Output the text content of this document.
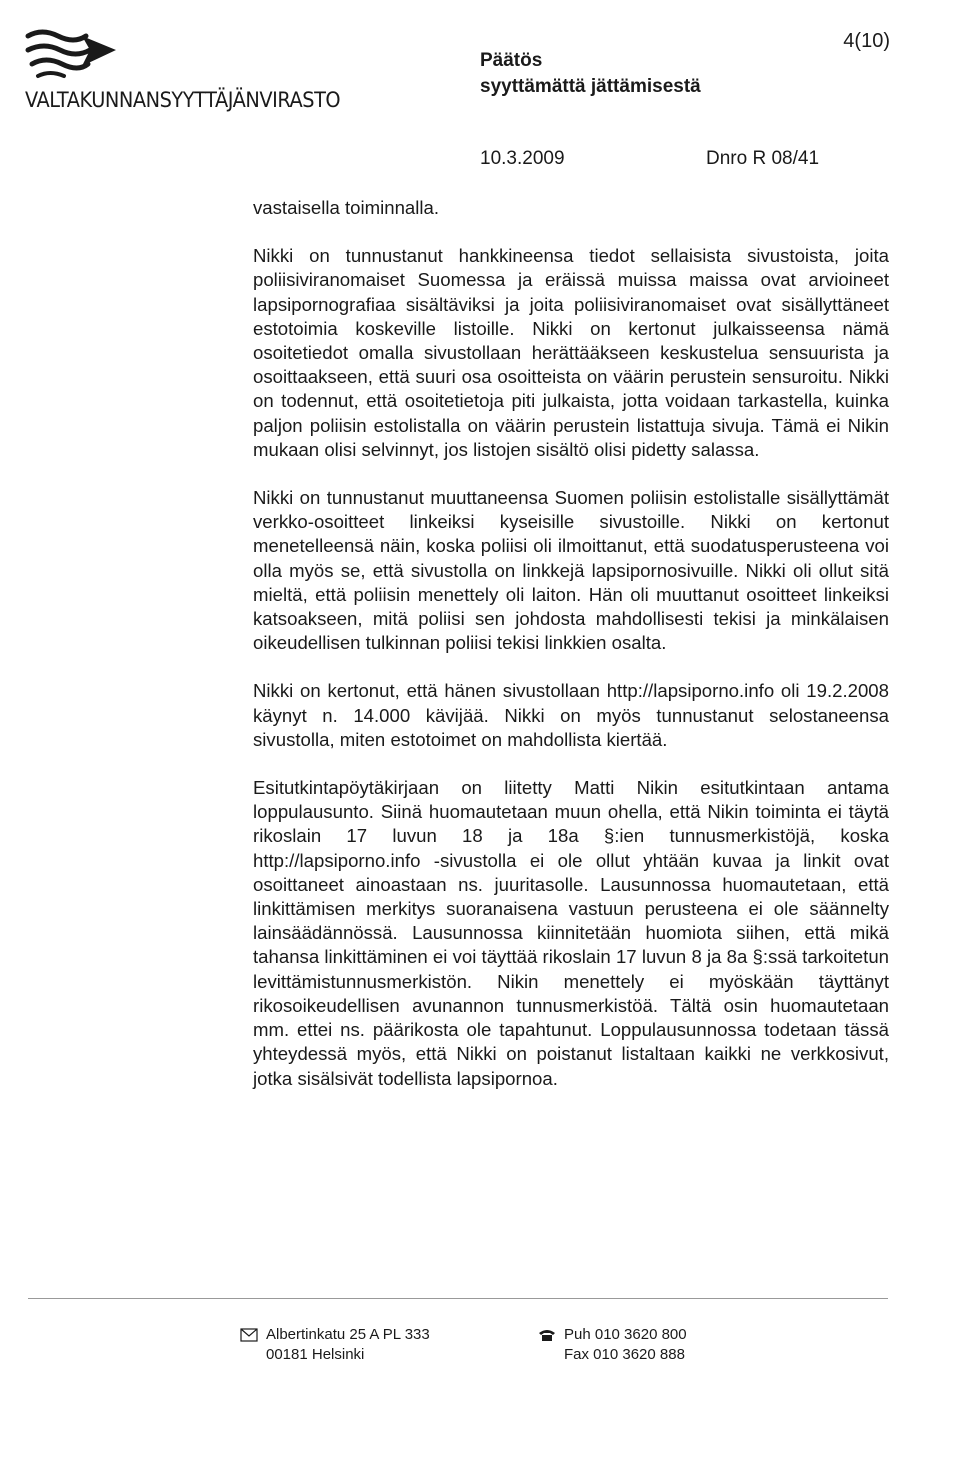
VALTAKUNNANSYYTTÄJÄNVIRASTO
Päätös
syyttämättä jättämisestä
4(10)
10.3.2009	Dnro R 08/41

vastaisella toiminnalla.

Nikki on tunnustanut hankkineensa tiedot sellaisista sivustoista, joita poliisiviranomaiset Suomessa ja eräissä muissa maissa ovat arvioineet lapsipornografiaa sisältäviksi ja joita poliisiviranomaiset ovat sisällyttäneet estotoimia koskeville listoille. Nikki on kertonut julkaisseensa nämä osoitetiedot omalla sivustollaan herättääkseen keskustelua sensuurista ja osoittaakseen, että suuri osa osoitteista on väärin perustein sensuroitu. Nikki on todennut, että osoitetietoja piti julkaista, jotta voidaan tarkastella, kuinka paljon poliisin estolistalla on väärin perustein listattuja sivuja. Tämä ei Nikin mukaan olisi selvinnyt, jos listojen sisältö olisi pidetty salassa.

Nikki on tunnustanut muuttaneensa Suomen poliisin estolistalle sisällyttämät verkko-osoitteet linkeiksi kyseisille sivustoille. Nikki on kertonut menetelleensä näin, koska poliisi oli ilmoittanut, että suodatusperusteena voi olla myös se, että sivustolla on linkkejä lapsipornosivuille. Nikki oli ollut sitä mieltä, että poliisin menettely oli laiton. Hän oli muuttanut osoitteet linkeiksi katsoakseen, mitä poliisi sen johdosta mahdollisesti tekisi ja minkälaisen oikeudellisen tulkinnan poliisi tekisi linkkien osalta.

Nikki on kertonut, että hänen sivustollaan http://lapsiporno.info oli 19.2.2008 käynyt n. 14.000 kävijää. Nikki on myös tunnustanut selostaneensa sivustolla, miten estotoimet on mahdollista kiertää.

Esitutkintapöytäkirjaan on liitetty Matti Nikin esitutkintaan antama loppulausunto. Siinä huomautetaan muun ohella, että Nikin toiminta ei täytä rikoslain 17 luvun 18 ja 18a §:ien tunnusmerkistöjä, koska http://lapsiporno.info -sivustolla ei ole ollut yhtään kuvaa ja linkit ovat osoittaneet ainoastaan ns. juuritasolle. Lausunnossa huomautetaan, että linkittämisen merkitys suoranaisena vastuun perusteena ei ole säännelty lainsäädännössä. Lausunnossa kiinnitetään huomiota siihen, että mikä tahansa linkittäminen ei voi täyttää rikoslain 17 luvun 8 ja 8a §:ssä tarkoitetun levittämistunnusmerkistön. Nikin menettely ei myöskään täyttänyt rikosoikeudellisen avunannon tunnusmerkistöä. Tältä osin huomautetaan mm. ettei ns. päärikosta ole tapahtunut. Loppulausunnossa todetaan tässä yhteydessä myös, että Nikki on poistanut listaltaan kaikki ne verkkosivut, jotka sisälsivät todellista lapsipornoa.

Albertinkatu 25 A PL 333
00181 Helsinki
Puh 010 3620 800
Fax 010 3620 888
